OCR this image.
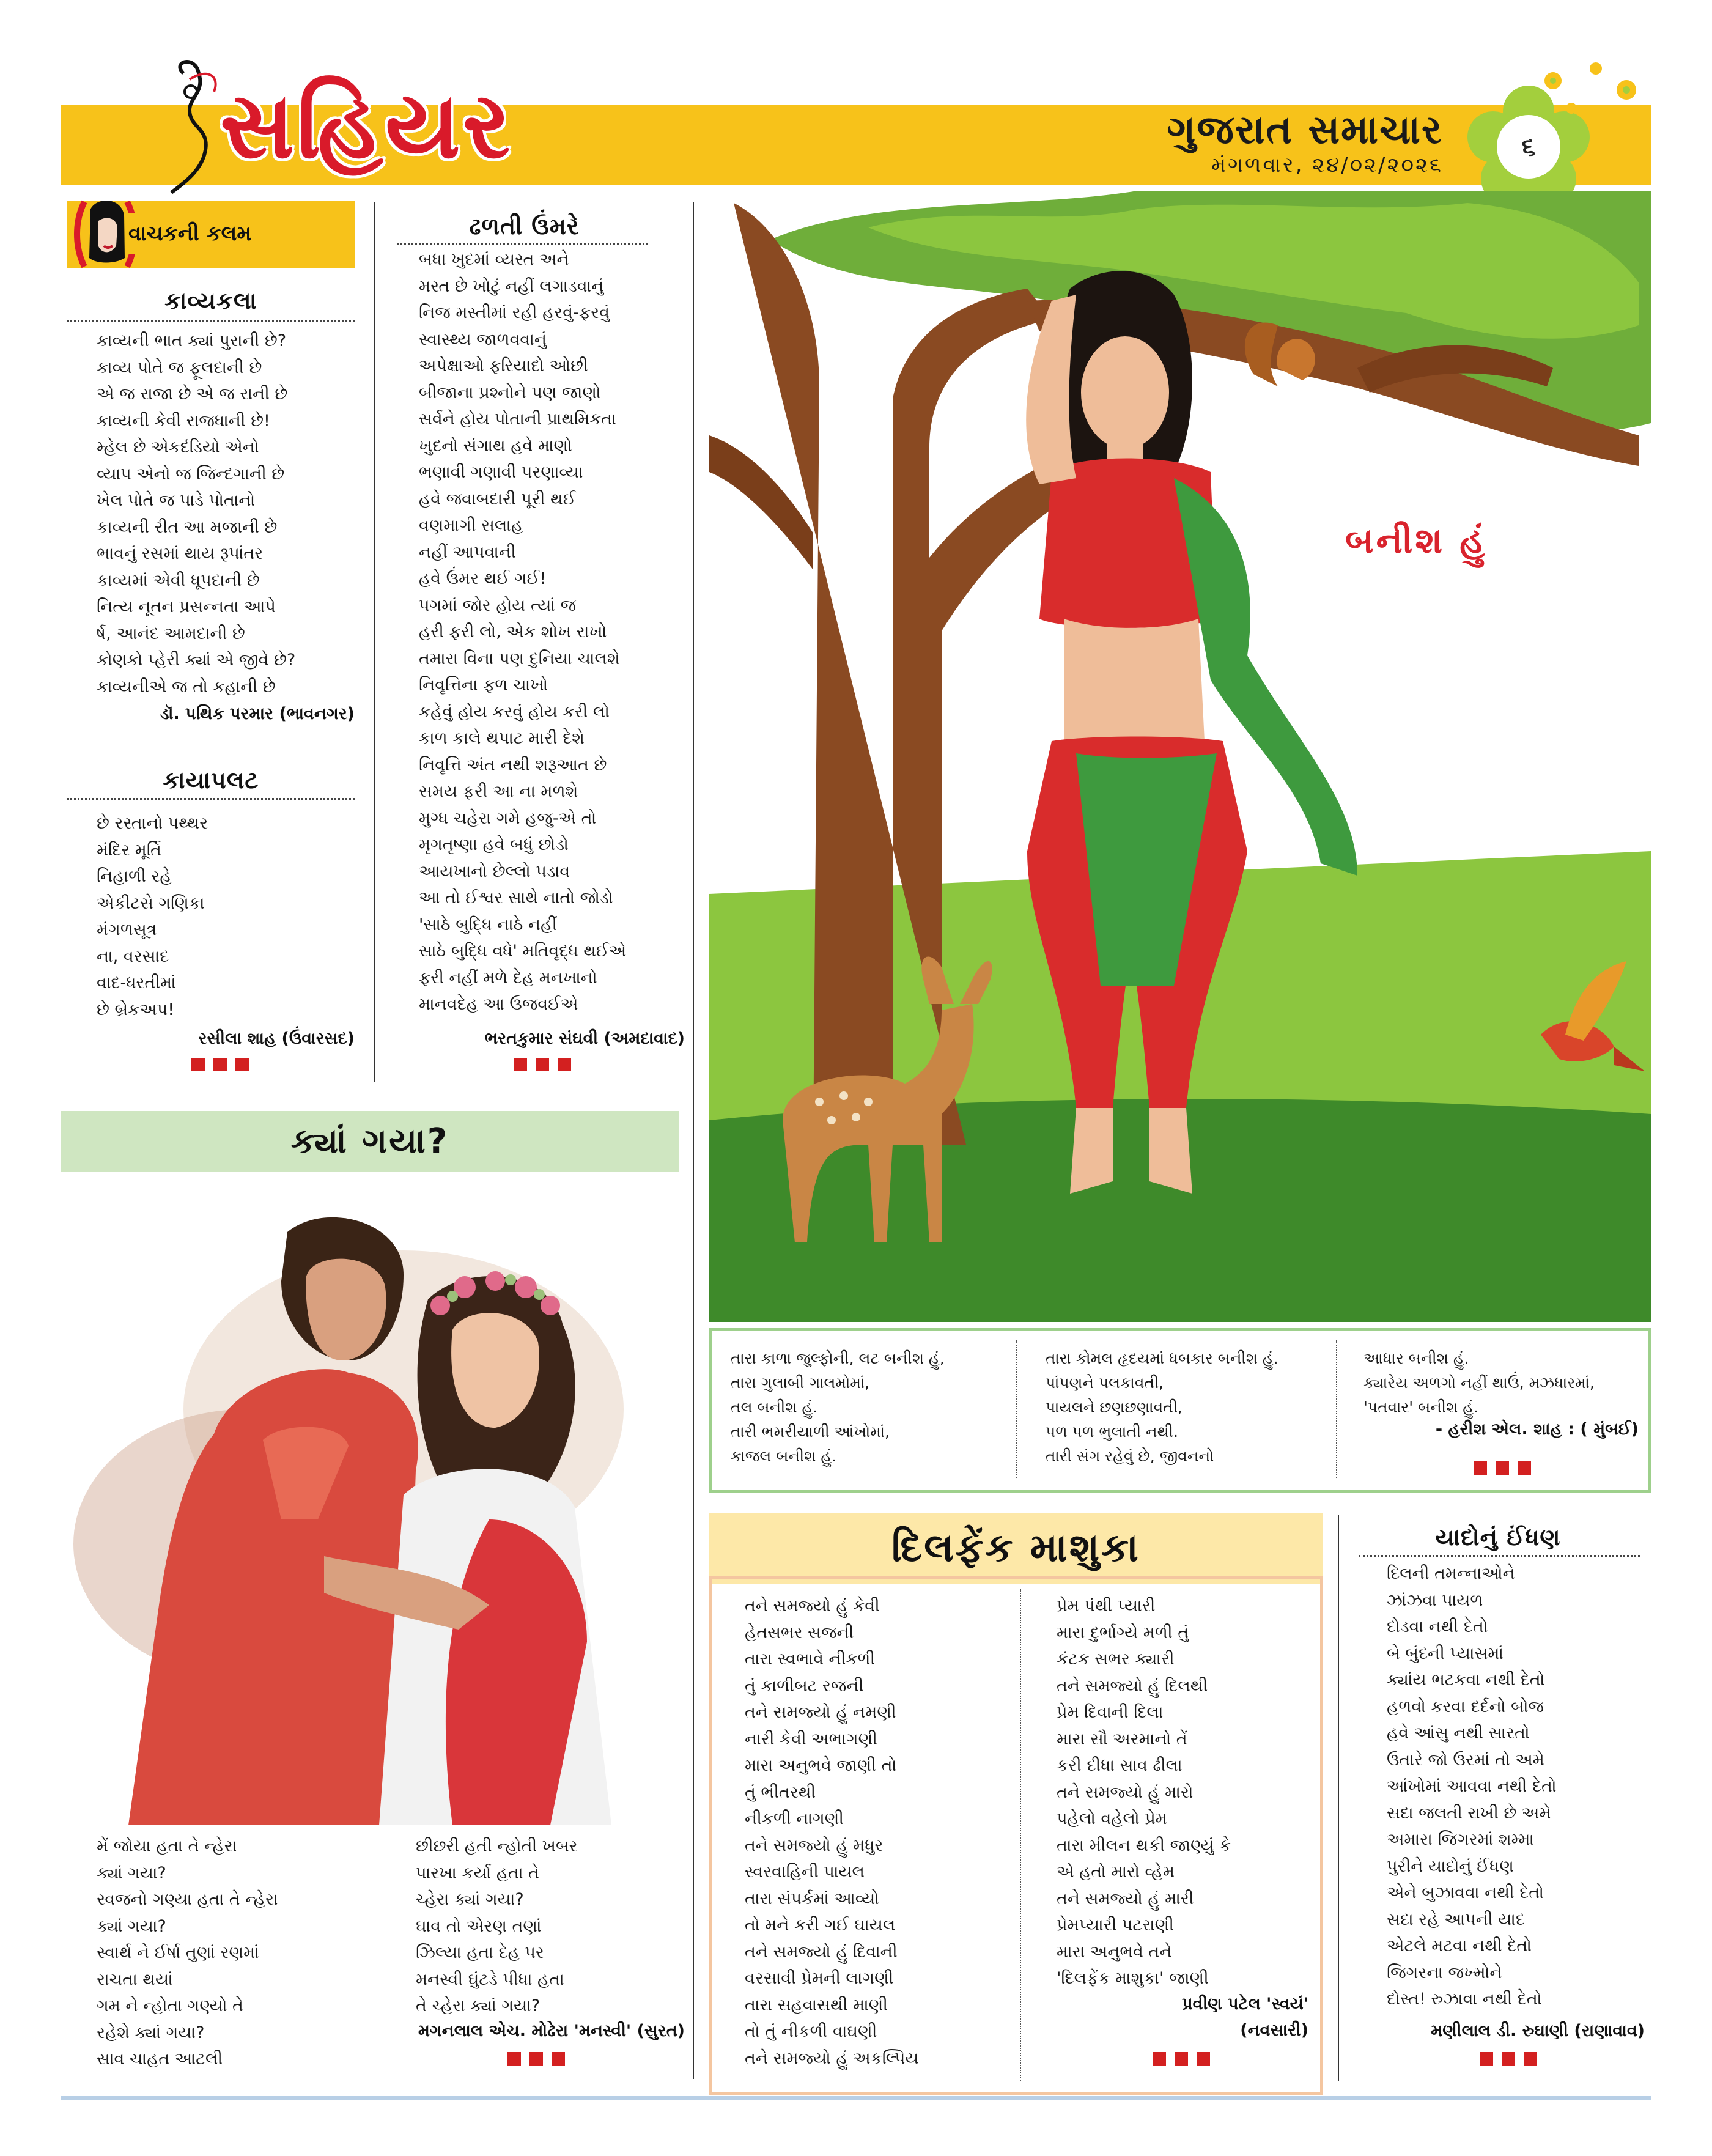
સહિયર	ગુજરાત સમાચાર
મંગળવાર, ૨૪/૦૨/૨૦૨૬
૬
વાચકની કલમ
કાવ્યકલા
કાવ્યની ભાત ક્યાં પુરાની છે?
કાવ્ય પોતે જ ફૂલદાની છે
એ જ રાજા છે એ જ રાની છે
કાવ્યની કેવી રાજધાની છે!
મ્હેલ છે એકદંડિયો એનો
વ્યાપ એનો જ જિન્દગાની છે
ખેલ પોતે જ પાડે પોતાનો
કાવ્યની રીત આ મજાની છે
ભાવનું રસમાં થાય રૂપાંતર
કાવ્યમાં એવી ધૂપદાની છે
નિત્ય નૂતન પ્રસન્નતા આપે
ર્ષ, આનંદ આમદાની છે
કોણકો પ્હેરી ક્યાં એ જીવે છે?
કાવ્યનીએ જ તો કહાની છે
ડૉ. પથિક પરમાર (ભાવનગર)
કાયાપલટ
છે રસ્તાનો પથ્થર
મંદિર મૂર્તિ
નિહાળી રહે
એકીટસે ગણિકા
મંગળસૂત્ર
ના, વરસાદ
વાદ-ધરતીમાં
છે બ્રેકઅપ!
રસીલા શાહ (ઉંવારસદ)
ઢળતી ઉંમરે
બધા ખુદમાં વ્યસ્ત અને
મસ્ત છે ખોટું નહીં લગાડવાનું
નિજ મસ્તીમાં રહી હરવું-ફરવું
સ્વાસ્થ્ય જાળવવાનું
અપેક્ષાઓ ફરિયાદો ઓછી
બીજાના પ્રશ્નોને પણ જાણો
સર્વને હોય પોતાની પ્રાથમિકતા
ખુદનો સંગાથ હવે માણો
ભણાવી ગણાવી પરણાવ્યા
હવે જવાબદારી પૂરી થઈ
વણમાગી સલાહ
નહીં આપવાની
હવે ઉંમર થઈ ગઈ!
પગમાં જોર હોય ત્યાં જ
હરી ફરી લો, એક શોખ રાખો
તમારા વિના પણ દુનિયા ચાલશે
નિવૃત્તિના ફળ ચાખો
કહેવું હોય કરવું હોય કરી લો
કાળ કાલે થપાટ મારી દેશે
નિવૃત્તિ અંત નથી શરૂઆત છે
સમય ફરી આ ના મળશે
મુગ્ધ ચહેરા ગમે હજુ-એ તો
મૃગતૃષ્ણા હવે બધું છોડો
આયખાનો છેલ્લો પડાવ
આ તો ઈશ્વર સાથે નાતો જોડો
'સાઠે બુદ્ધિ નાઠે નહીં
સાઠે બુદ્ધિ વધે' મતિવૃદ્ધ થઈએ
ફરી નહીં મળે દેહ મનખાનો
માનવદેહ આ ઉજવઈએ
ભરતકુમાર સંઘવી (અમદાવાદ)
ક્યાં ગયા?
મેં જોયા હતા તે ન્હેરા
ક્યાં ગયા?
સ્વજનો ગણ્યા હતા તે ન્હેરા
ક્યાં ગયા?
સ્વાર્થ ને ઈર્ષા તુણાં રણમાં
રાચતા થયાં
ગમ ને ન્હોતા ગણ્યો તે
રહેશે ક્યાં ગયા?
સાવ ચાહત આટલી
છીછરી હતી ન્હોતી ખબર
પારખા કર્યા હતા તે
ચ્હેરા ક્યાં ગયા?
ઘાવ તો એરણ તણાં
ઝિલ્યા હતા દેહ પર
મનસ્વી ઘુંટડે પીધા હતા
તે ચ્હેરા ક્યાં ગયા?
મગનલાલ એચ. મોઢેરા 'મનસ્વી' (સુરત)
બનીશ હું
તારા કાળા જુલ્ફોની, લટ બનીશ હું,
તારા ગુલાબી ગાલમોમાં,
તલ બનીશ હું.
તારી ભમરીયાળી આંખોમાં,
કાજલ બનીશ હું.
તારા કોમલ હૃદયમાં ધબકાર બનીશ હું.
પાંપણને પલકાવતી,
પાયલને છણછણાવતી,
પળ પળ ભુલાતી નથી.
તારી સંગ રહેવું છે, જીવનનો
આધાર બનીશ હું.
ક્યારેય અળગો નહીં થાઉં, મઝધારમાં,
'પતવાર' બનીશ હું.
- હરીશ એલ. શાહ : ( મુંબઈ)
દિલફેંક માશુકા
તને સમજ્યો હું કેવી
હેતસભર સજની
તારા સ્વભાવે નીકળી
તું કાળીબટ રજની
તને સમજ્યો હું નમણી
નારી કેવી અભાગણી
મારા અનુભવે જાણી તો
તું ભીતરથી
નીકળી નાગણી
તને સમજ્યો હું મધુર
સ્વરવાહિની પાયલ
તારા સંપર્કમાં આવ્યો
તો મને કરી ગઈ ઘાયલ
તને સમજ્યો હું દિવાની
વરસાવી પ્રેમની લાગણી
તારા સહવાસથી માણી
તો તું નીકળી વાઘણી
તને સમજ્યો હું અકલ્પિય
પ્રેમ પંથી પ્યારી
મારા દુર્ભાગ્યે મળી તું
કંટક સભર ક્યારી
તને સમજ્યો હું દિલથી
પ્રેમ દિવાની દિલા
મારા સૌ અરમાનો તેં
કરી દીધા સાવ ઢીલા
તને સમજ્યો હું મારો
પહેલો વહેલો પ્રેમ
તારા મીલન થકી જાણ્યું કે
એ હતો મારો વ્હેમ
તને સમજ્યો હું મારી
પ્રેમપ્યારી પટરાણી
મારા અનુભવે તને
'દિલફેંક માશુકા' જાણી
પ્રવીણ પટેલ 'સ્વયં'
(નવસારી)
યાદોનું ઈંધણ
દિલની તમન્નાઓને
ઝાંઝવા પાયળ
દોડવા નથી દેતો
બે બુંદની પ્યાસમાં
ક્યાંય ભટકવા નથી દેતો
હળવો કરવા દર્દનો બોજ
હવે આંસુ નથી સારતો
ઉતારે જો ઉરમાં તો અમે
આંખોમાં આવવા નથી દેતો
સદા જલતી રાખી છે અમે
અમારા જિગરમાં શમ્મા
પુરીને યાદોનું ઈંધણ
એને બુઝાવવા નથી દેતો
સદા રહે આપની યાદ
એટલે મટવા નથી દેતો
જિગરના જખ્મોને
દોસ્ત! રુઝાવા નથી દેતો
મણીલાલ ડી. રુઘાણી (રાણાવાવ)
